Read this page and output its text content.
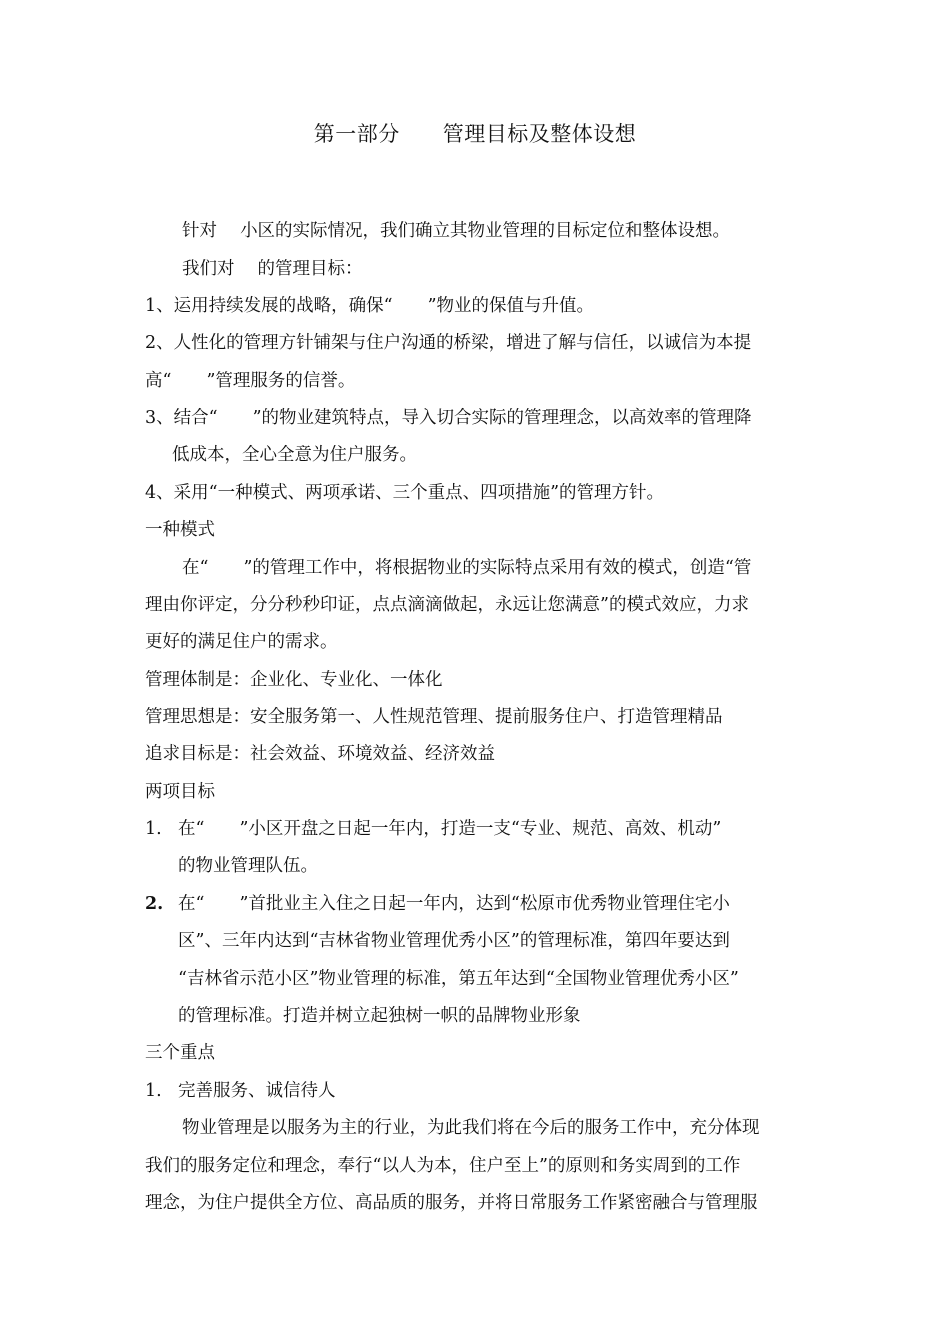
第一部分　　管理目标及整体设想
针对　 小区的实际情况，我们确立其物业管理的目标定位和整体设想。
我们对　 的管理目标：
1、运用持续发展的战略，确保“　　”物业的保值与升值。
2、人性化的管理方针铺架与住户沟通的桥梁，增进了解与信任，以诚信为本提
高“　　”管理服务的信誉。
3、结合“　　”的物业建筑特点，导入切合实际的管理理念，以高效率的管理降
低成本，全心全意为住户服务。
4、采用“一种模式、两项承诺、三个重点、四项措施”的管理方针。
一种模式
在“　　”的管理工作中，将根据物业的实际特点采用有效的模式，创造“管
理由你评定，分分秒秒印证，点点滴滴做起，永远让您满意”的模式效应，力求
更好的满足住户的需求。
管理体制是：企业化、专业化、一体化
管理思想是：安全服务第一、人性规范管理、提前服务住户、打造管理精品
追求目标是：社会效益、环境效益、经济效益
两项目标
1. 在“　　”小区开盘之日起一年内，打造一支“专业、规范、高效、机动”
的物业管理队伍。
2. 在“　　”首批业主入住之日起一年内，达到“松原市优秀物业管理住宅小
区”、三年内达到“吉林省物业管理优秀小区”的管理标准，第四年要达到
“吉林省示范小区”物业管理的标准，第五年达到“全国物业管理优秀小区”
的管理标准。打造并树立起独树一帜的品牌物业形象
三个重点
1. 完善服务、诚信待人
物业管理是以服务为主的行业，为此我们将在今后的服务工作中，充分体现
我们的服务定位和理念，奉行“以人为本，住户至上”的原则和务实周到的工作
理念，为住户提供全方位、高品质的服务，并将日常服务工作紧密融合与管理服
